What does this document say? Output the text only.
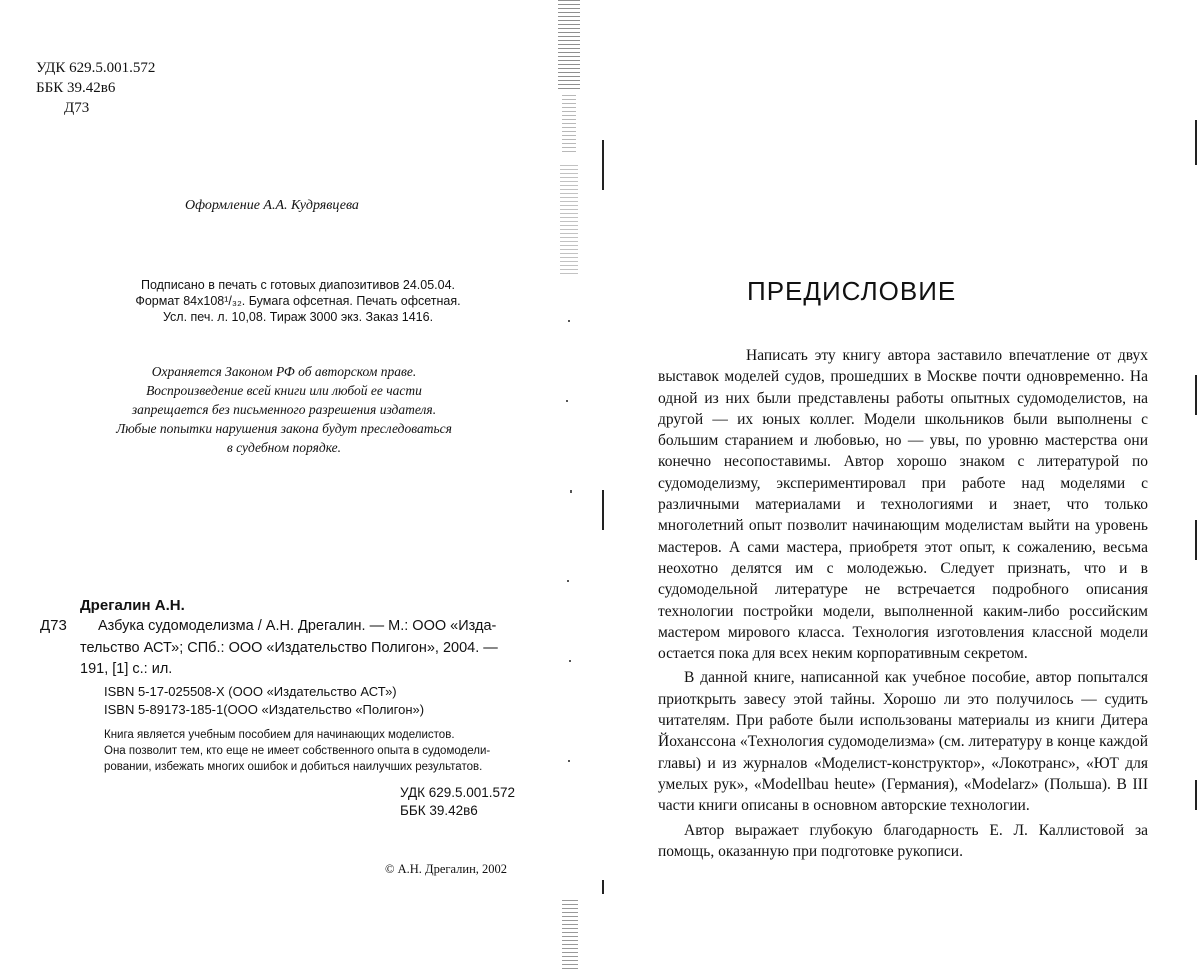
УДК 629.5.001.572

ББК 39.42в6

Д73

Оформление А.А. Кудрявцева

Подписано в печать с готовых диапозитивов 24.05.04.

Формат 84x108¹/₃₂. Бумага офсетная. Печать офсетная.

Усл. печ. л. 10,08. Тираж 3000 экз. Заказ 1416.

Охраняется Законом РФ об авторском праве.

Воспроизведение всей книги или любой ее части

запрещается без письменного разрешения издателя.

Любые попытки нарушения закона будут преследоваться

в судебном порядке.

Дрегалин А.Н.

Д73	Азбука судомоделизма / А.Н. Дрегалин. — М.: ООО «Изда-

тельство АСТ»; СПб.: ООО «Издательство Полигон», 2004. —

191, [1] с.: ил.

ISBN 5-17-025508-X (ООО «Издательство АСТ»)

ISBN 5-89173-185-1(ООО «Издательство «Полигон»)

Книга является учебным пособием для начинающих моделистов.

Она позволит тем, кто еще не имеет собственного опыта в судомодели-

ровании, избежать многих ошибок и добиться наилучших результатов.

УДК 629.5.001.572

ББК 39.42в6

© А.Н. Дрегалин, 2002

ПРЕДИСЛОВИЕ

Написать эту книгу автора заставило впечатление от двух выставок моделей судов, прошедших в Москве почти одновременно. На одной из них были представлены работы опытных судомоделистов, на другой — их юных коллег. Модели школьников были выполнены с большим старанием и любовью, но — увы, по уровню мастерства они конечно несопоставимы. Автор хорошо знаком с литературой по судомоделизму, экспериментировал при работе над моделями с различными материалами и технологиями и знает, что только многолетний опыт позволит начинающим моделистам выйти на уровень мастеров. А сами мастера, приобретя этот опыт, к сожалению, весьма неохотно делятся им с молодежью. Следует признать, что и в судомодельной литературе не встречается подробного описания технологии постройки модели, выполненной каким-либо российским мастером мирового класса. Технология изготовления классной модели остается пока для всех неким корпоративным секретом.

В данной книге, написанной как учебное пособие, автор попытался приоткрыть завесу этой тайны. Хорошо ли это получилось — судить читателям. При работе были использованы материалы из книги Дитера Йохансcона «Технология судомоделизма» (см. литературу в конце каждой главы) и из журналов «Моделист-конструктор», «Локотранс», «ЮТ для умелых рук», «Modellbau heute» (Германия), «Modelarz» (Польша). В III части книги описаны в основном авторские технологии.

Автор выражает глубокую благодарность Е. Л. Каллистовой за помощь, оказанную при подготовке рукописи.
